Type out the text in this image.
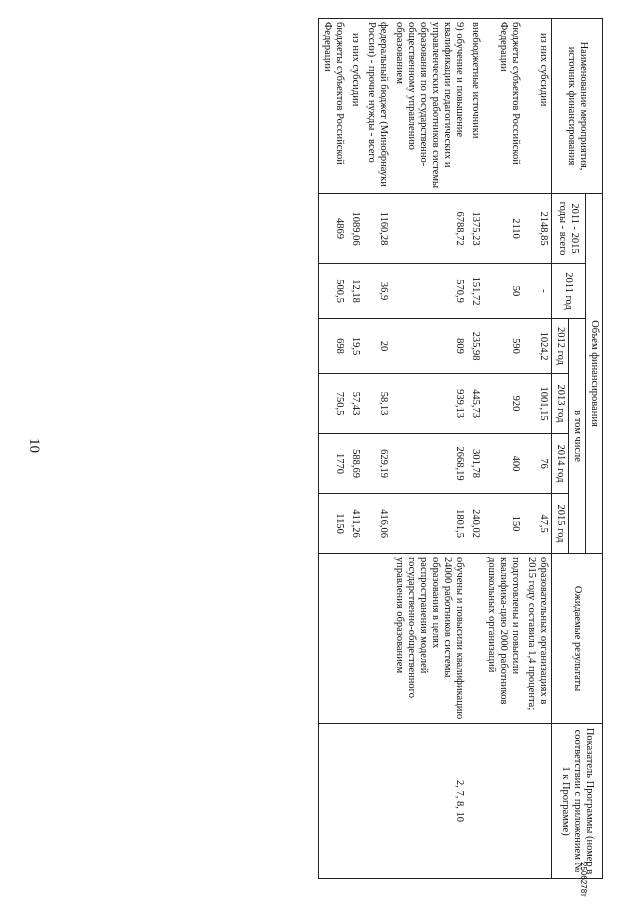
10
Наименование мероприятия, источник финансирования	Объем финансирования						Ожидаемые результаты	Показатель Программы (номер в соответствии с приложением № 1 к Программе)
	2011 - 2015 годы - всего	2011 год	в том числе					
			2012 год	2013 год	2014 год	2015 год		
из них субсидии	2148,85	-	1024,2	1001,15	76	47,5	образовательных организациях в 2015 году составила 1,4 процента;	
бюджеты субъектов Российской Федерации	2110	50	590	920	400	150	подготовлены и повысили квалифика-цию 2000 работников дошкольных организаций	
внебюджетные источники	1375,23	151,72	235,98	445,73	301,78	240,02		
9) обучение и повышение квалификации педагогических и управленческих работников системы образования по государственно-общественному управлению образованием	6788,72	570,9	809	939,13	2668,19	1801,5	обучены и повысили квалификацию 24000 работников системы образования в целях распространения моделей государственно-общественного управления образованием	2, 7, 8, 10
федеральный бюджет (Минобрнауки России) - прочие нужды - всего	1160,28	36,9	20	58,13	629,19	416,06		
из них субсидии	1089,06	12,18	19,5	57,43	588,69	411,26		
бюджеты субъектов Российской Федерации	4869	500,5	698	750,5	1770	1150		
2506278т
